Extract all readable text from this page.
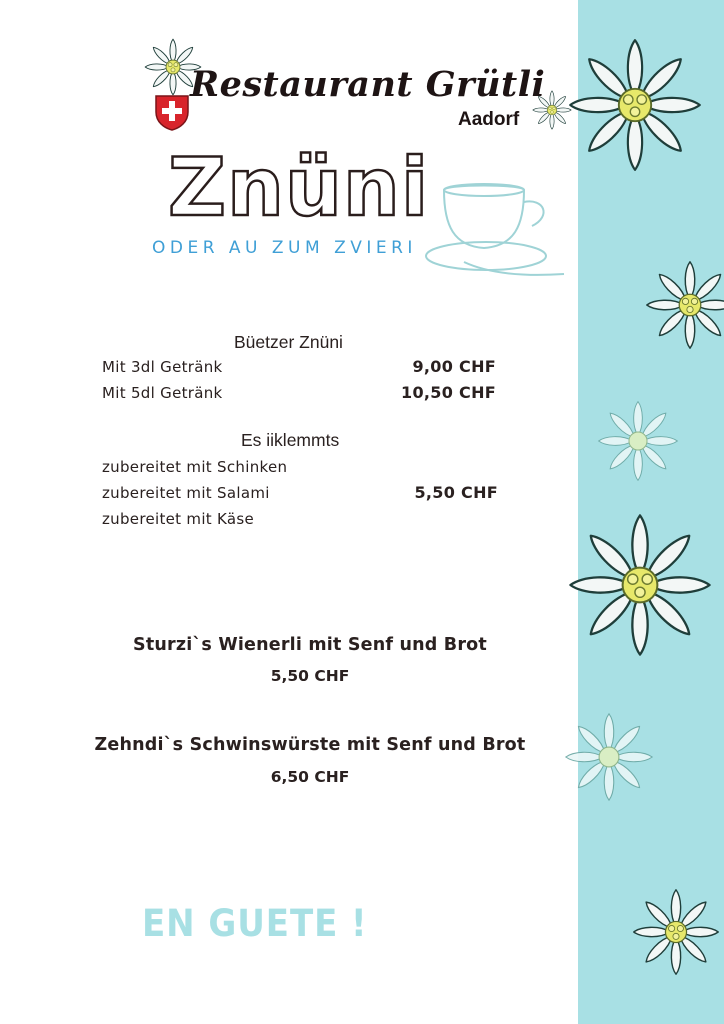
Restaurant Grütli
Aadorf
Znüni
ODER AU ZUM ZVIERI
Büetzer Znüni
Mit 3dl Getränk	9,00 CHF
Mit 5dl Getränk	10,50 CHF
Es iiklemmts
zubereitet mit Schinken
zubereitet mit Salami
zubereitet mit Käse
5,50 CHF
Sturzi`s Wienerli mit Senf und Brot
5,50 CHF
Zehndi`s Schwinswürste mit Senf und Brot
6,50 CHF
EN GUETE !
